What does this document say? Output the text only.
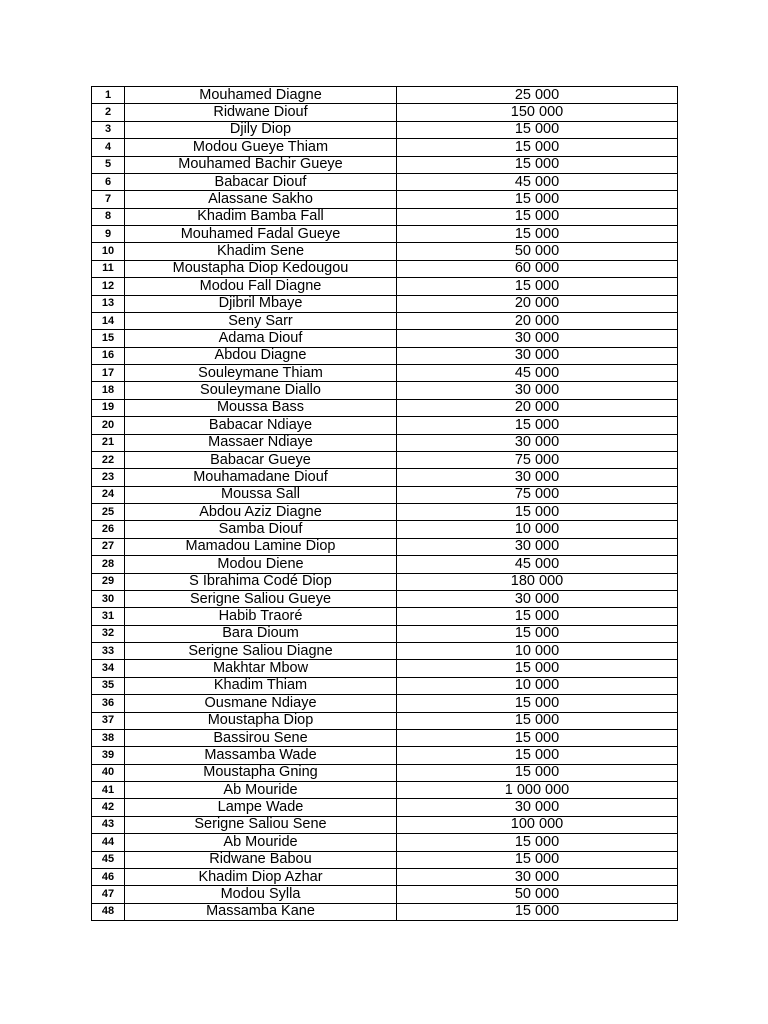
1	Mouhamed Diagne	25 000
2	Ridwane Diouf	150 000
3	Djily Diop	15 000
4	Modou Gueye Thiam	15 000
5	Mouhamed Bachir Gueye	15 000
6	Babacar Diouf	45 000
7	Alassane Sakho	15 000
8	Khadim Bamba Fall	15 000
9	Mouhamed Fadal Gueye	15 000
10	Khadim Sene	50 000
11	Moustapha Diop Kedougou	60 000
12	Modou Fall Diagne	15 000
13	Djibril Mbaye	20 000
14	Seny Sarr	20 000
15	Adama Diouf	30 000
16	Abdou Diagne	30 000
17	Souleymane Thiam	45 000
18	Souleymane Diallo	30 000
19	Moussa Bass	20 000
20	Babacar Ndiaye	15 000
21	Massaer Ndiaye	30 000
22	Babacar Gueye	75 000
23	Mouhamadane Diouf	30 000
24	Moussa Sall	75 000
25	Abdou Aziz Diagne	15 000
26	Samba Diouf	10 000
27	Mamadou Lamine Diop	30 000
28	Modou Diene	45 000
29	S Ibrahima Codé Diop	180 000
30	Serigne Saliou Gueye	30 000
31	Habib Traoré	15 000
32	Bara Dioum	15 000
33	Serigne Saliou Diagne	10 000
34	Makhtar Mbow	15 000
35	Khadim Thiam	10 000
36	Ousmane Ndiaye	15 000
37	Moustapha Diop	15 000
38	Bassirou Sene	15 000
39	Massamba Wade	15 000
40	Moustapha Gning	15 000
41	Ab Mouride	1 000 000
42	Lampe Wade	30 000
43	Serigne Saliou Sene	100 000
44	Ab Mouride	15 000
45	Ridwane Babou	15 000
46	Khadim Diop Azhar	30 000
47	Modou Sylla	50 000
48	Massamba Kane	15 000
